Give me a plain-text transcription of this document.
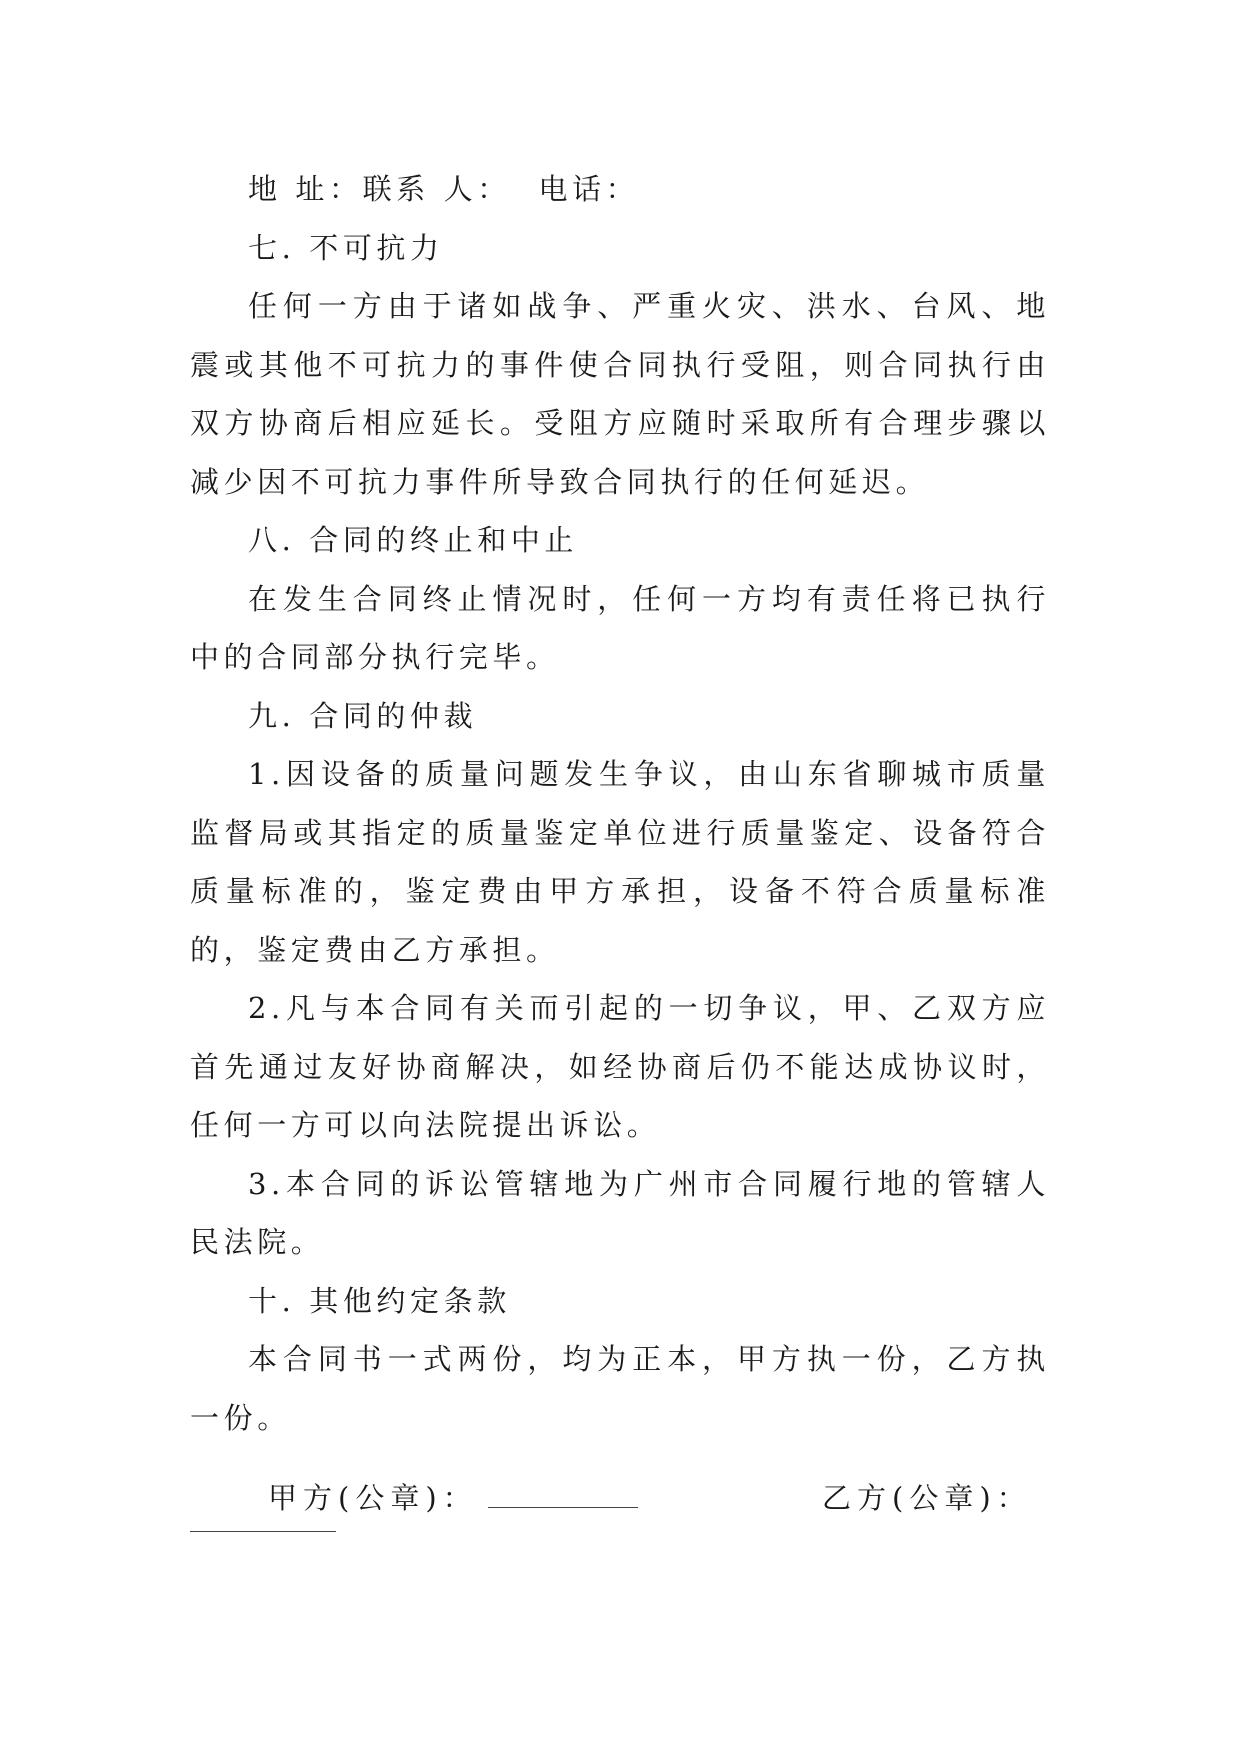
地 址：联系 人：  电话：

七. 不可抗力

任何一方由于诸如战争、严重火灾、洪水、台风、地震或其他不可抗力的事件使合同执行受阻，则合同执行由双方协商后相应延长。受阻方应随时采取所有合理步骤以减少因不可抗力事件所导致合同执行的任何延迟。

八. 合同的终止和中止

在发生合同终止情况时，任何一方均有责任将已执行中的合同部分执行完毕。

九. 合同的仲裁

1.因设备的质量问题发生争议，由山东省聊城市质量监督局或其指定的质量鉴定单位进行质量鉴定、设备符合质量标准的，鉴定费由甲方承担，设备不符合质量标准的，鉴定费由乙方承担。

2.凡与本合同有关而引起的一切争议，甲、乙双方应首先通过友好协商解决，如经协商后仍不能达成协议时，任何一方可以向法院提出诉讼。

3.本合同的诉讼管辖地为广州市合同履行地的管辖人民法院。

十. 其他约定条款

本合同书一式两份，均为正本，甲方执一份，乙方执一份。

甲方(公章)：	乙方(公章)：
